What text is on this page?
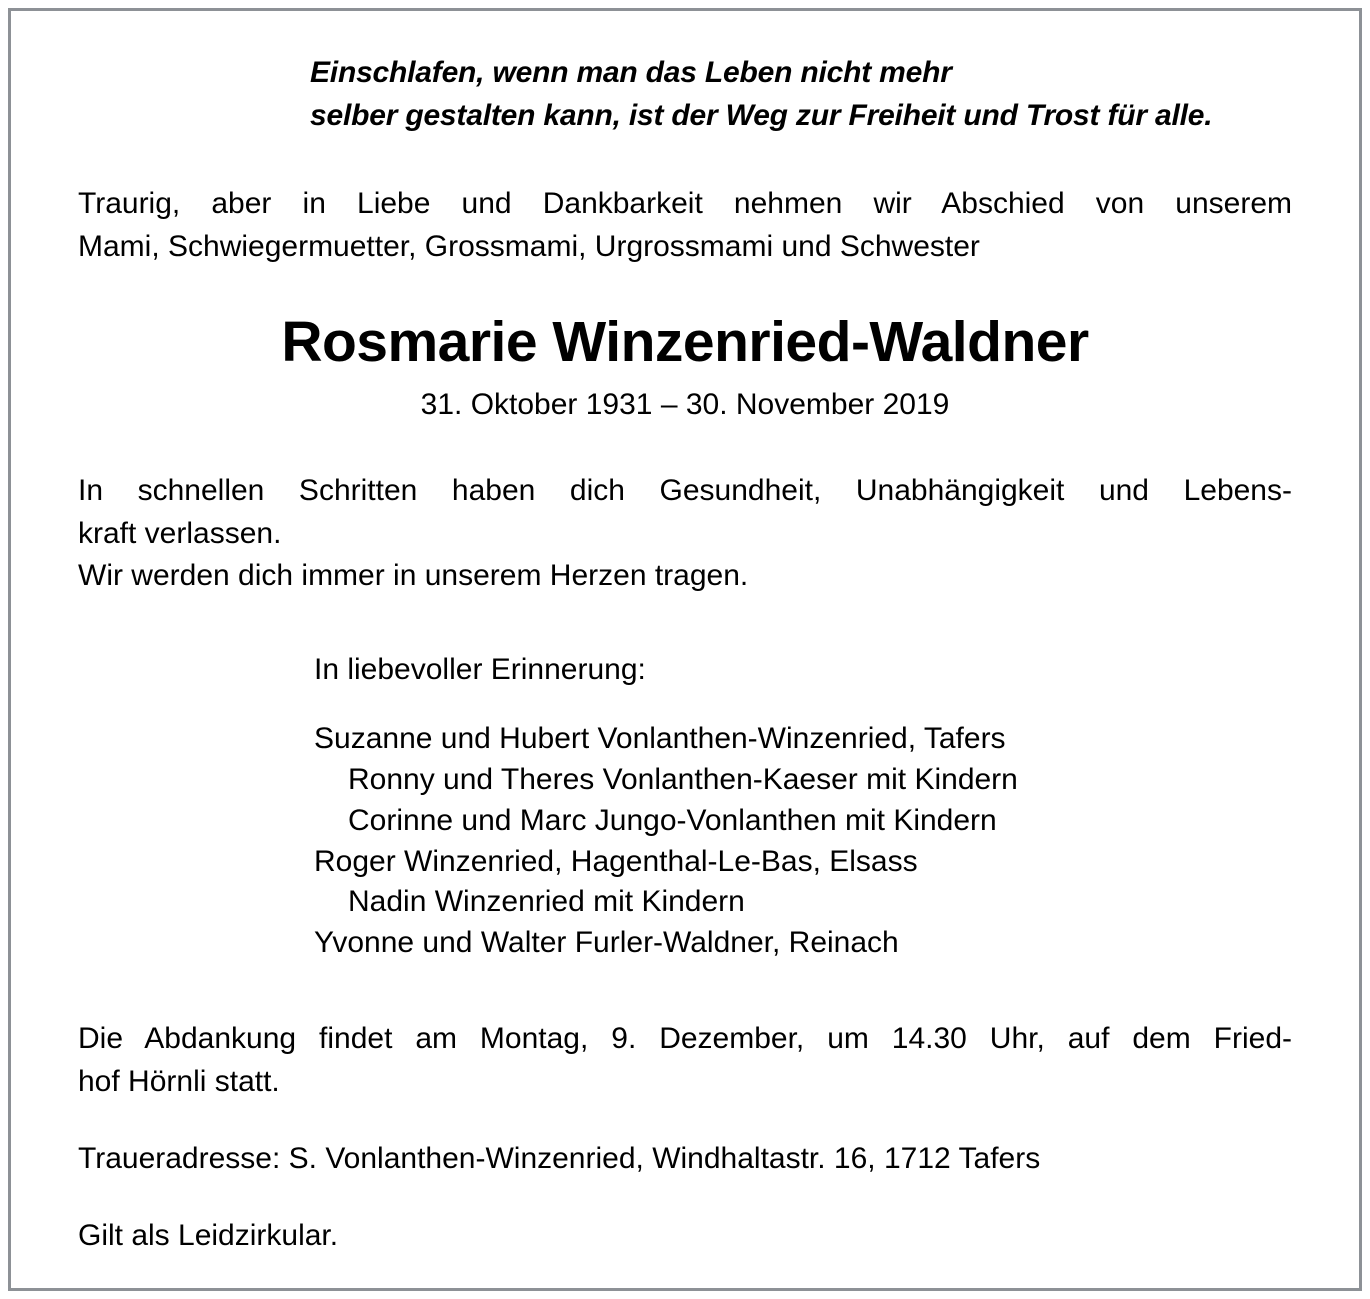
Einschlafen, wenn man das Leben nicht mehr
selber gestalten kann, ist der Weg zur Freiheit und Trost für alle.
Traurig, aber in Liebe und Dankbarkeit nehmen wir Abschied von unserem
Mami, Schwiegermuetter, Grossmami, Urgrossmami und Schwester
Rosmarie Winzenried-Waldner
31. Oktober 1931 – 30. November 2019
In schnellen Schritten haben dich Gesundheit, Unabhängigkeit und Lebens-
kraft verlassen.
Wir werden dich immer in unserem Herzen tragen.
In liebevoller Erinnerung:
Suzanne und Hubert Vonlanthen-Winzenried, Tafers
Ronny und Theres Vonlanthen-Kaeser mit Kindern
Corinne und Marc Jungo-Vonlanthen mit Kindern
Roger Winzenried, Hagenthal-Le-Bas, Elsass
Nadin Winzenried mit Kindern
Yvonne und Walter Furler-Waldner, Reinach

Die Abdankung findet am Montag, 9. Dezember, um 14.30 Uhr, auf dem Fried-

hof Hörnli statt.

Traueradresse: S. Vonlanthen-Winzenried, Windhaltastr. 16, 1712 Tafers

Gilt als Leidzirkular.
